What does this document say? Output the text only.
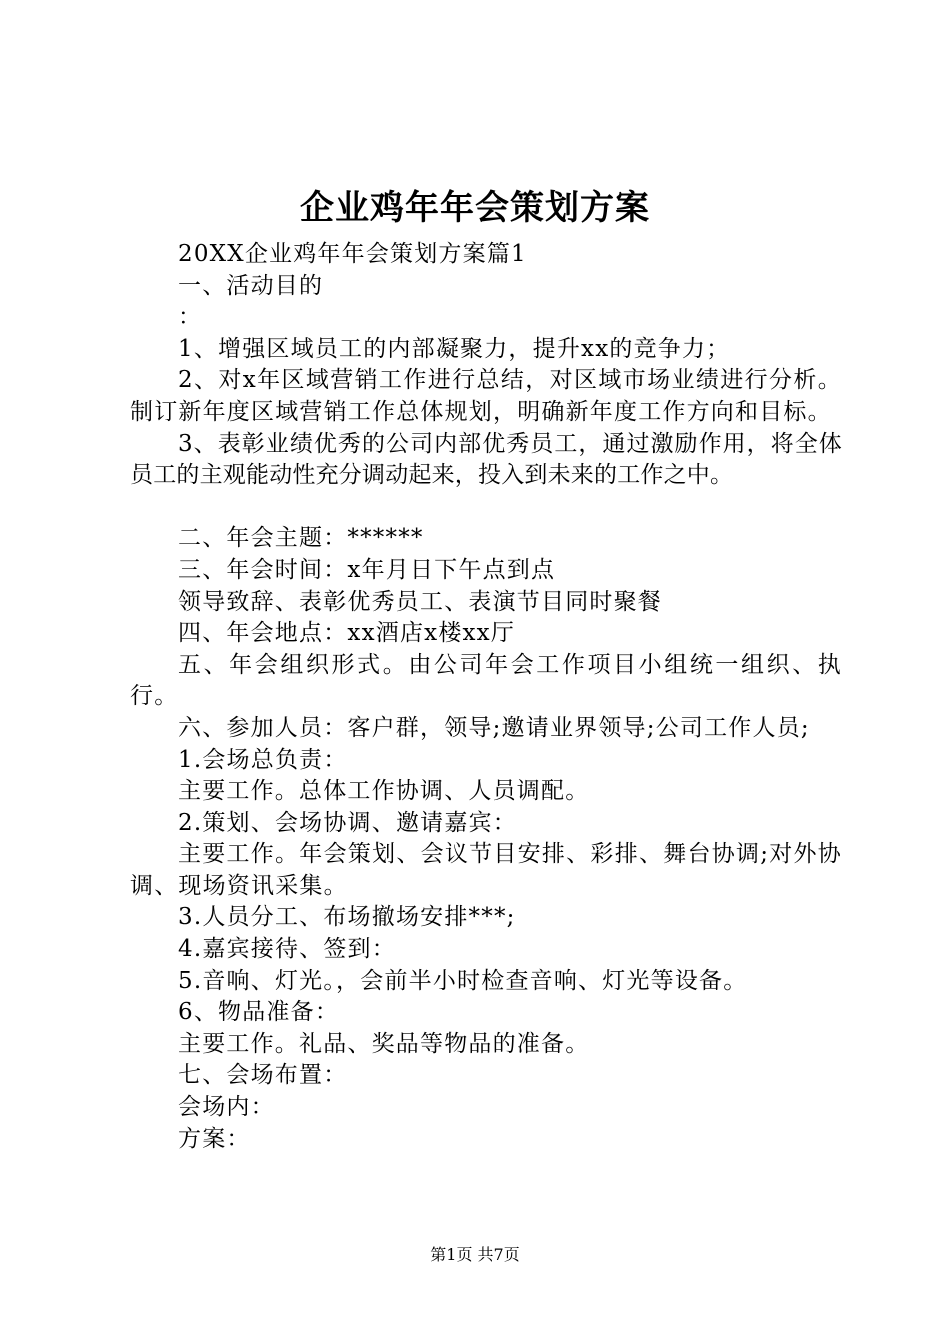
企业鸡年年会策划方案

20XX企业鸡年年会策划方案篇1

一、活动目的

：

1、增强区域员工的内部凝聚力，提升xx的竞争力；

2、对x年区域营销工作进行总结，对区域市场业绩进行分析。制订新年度区域营销工作总体规划，明确新年度工作方向和目标。

3、表彰业绩优秀的公司内部优秀员工，通过激励作用，将全体员工的主观能动性充分调动起来，投入到未来的工作之中。

二、年会主题：******

三、年会时间：x年月日下午点到点

领导致辞、表彰优秀员工、表演节目同时聚餐

四、年会地点：xx酒店x楼xx厅

五、年会组织形式。由公司年会工作项目小组统一组织、执行。

六、参加人员：客户群，领导;邀请业界领导;公司工作人员;

1.会场总负责：

主要工作。总体工作协调、人员调配。

2.策划、会场协调、邀请嘉宾：

主要工作。年会策划、会议节目安排、彩排、舞台协调;对外协调、现场资讯采集。

3.人员分工、布场撤场安排***;

4.嘉宾接待、签到：

5.音响、灯光。，会前半小时检查音响、灯光等设备。

6、物品准备：

主要工作。礼品、奖品等物品的准备。

七、会场布置：

会场内：

方案：

第1页 共7页
